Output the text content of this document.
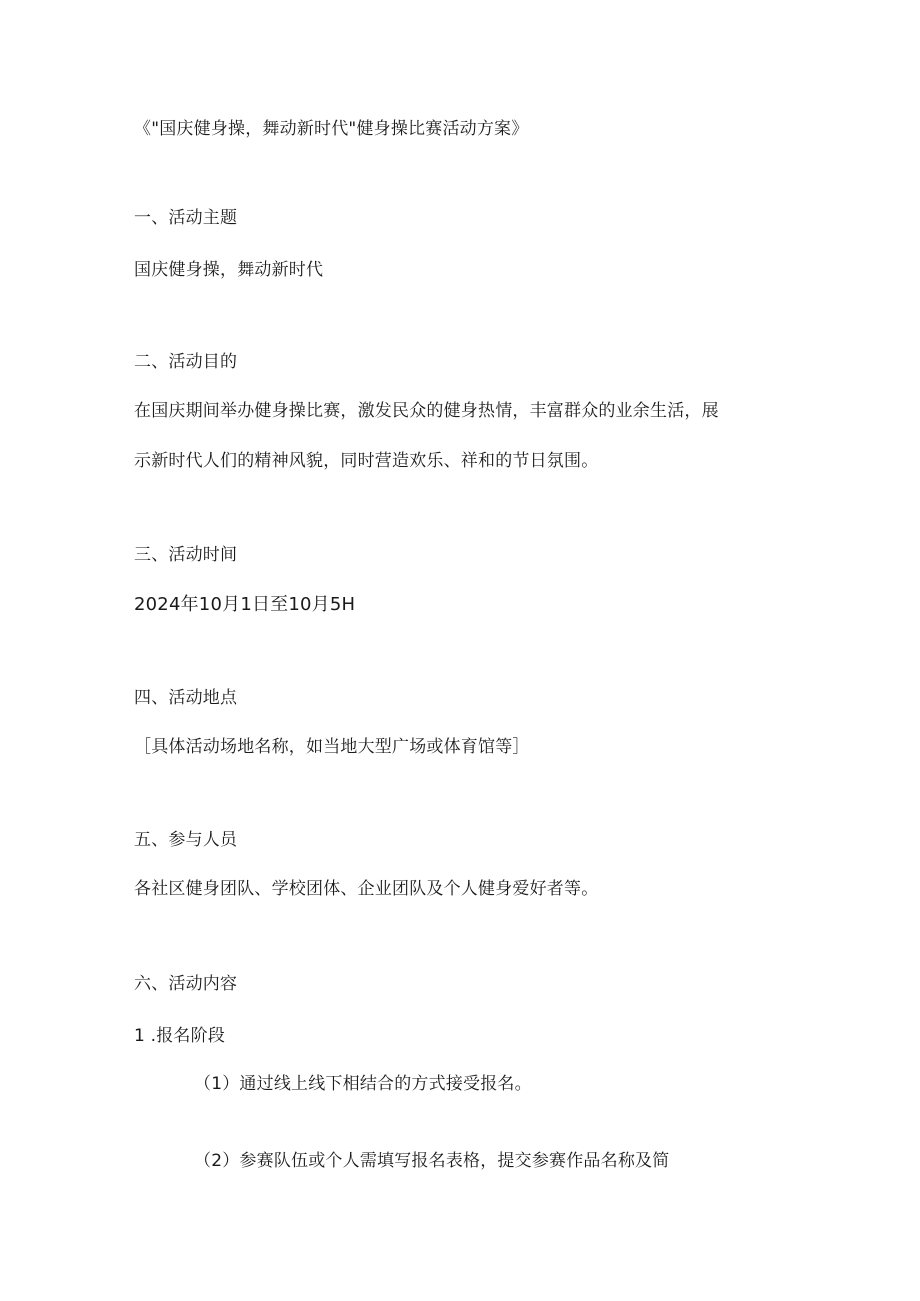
《"国庆健身操，舞动新时代"健身操比赛活动方案》
一、活动主题
国庆健身操，舞动新时代
二、活动目的
在国庆期间举办健身操比赛，激发民众的健身热情，丰富群众的业余生活，展
示新时代人们的精神风貌，同时营造欢乐、祥和的节日氛围。
三、活动时间
2024年10月1日至10月5H
四、活动地点
［具体活动场地名称，如当地大型广场或体育馆等］
五、参与人员
各社区健身团队、学校团体、企业团队及个人健身爱好者等。
六、活动内容
1 .报名阶段
（1）通过线上线下相结合的方式接受报名。
（2）参赛队伍或个人需填写报名表格，提交参赛作品名称及简
